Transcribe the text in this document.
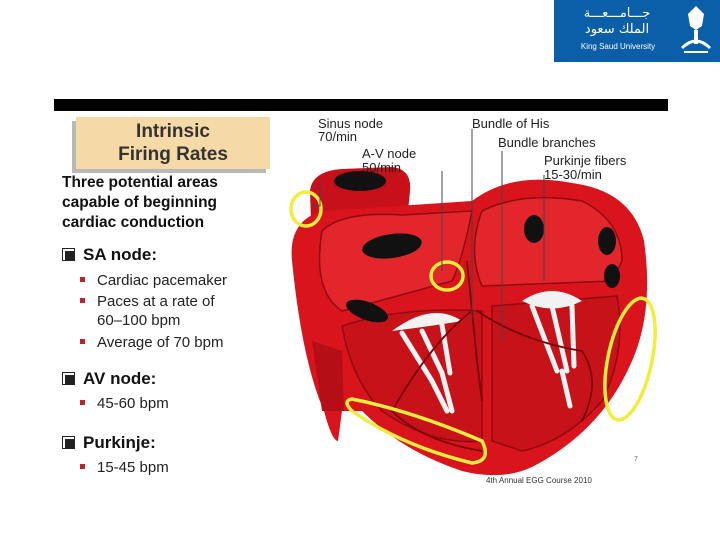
جـــامـــعـــة
الملك سعود
King Saud University
Intrinsic
Firing Rates
Three potential areas
capable of beginning
cardiac conduction
SA node:
Cardiac pacemaker
Paces at a rate of
60–100 bpm
Average of 70 bpm
AV node:
45-60 bpm
Purkinje:
15-45 bpm
Sinus node
70/min
A-V node
50/min
Bundle of His
Bundle branches
Purkinje fibers
15-30/min
7
4th Annual EGG Course 2010
